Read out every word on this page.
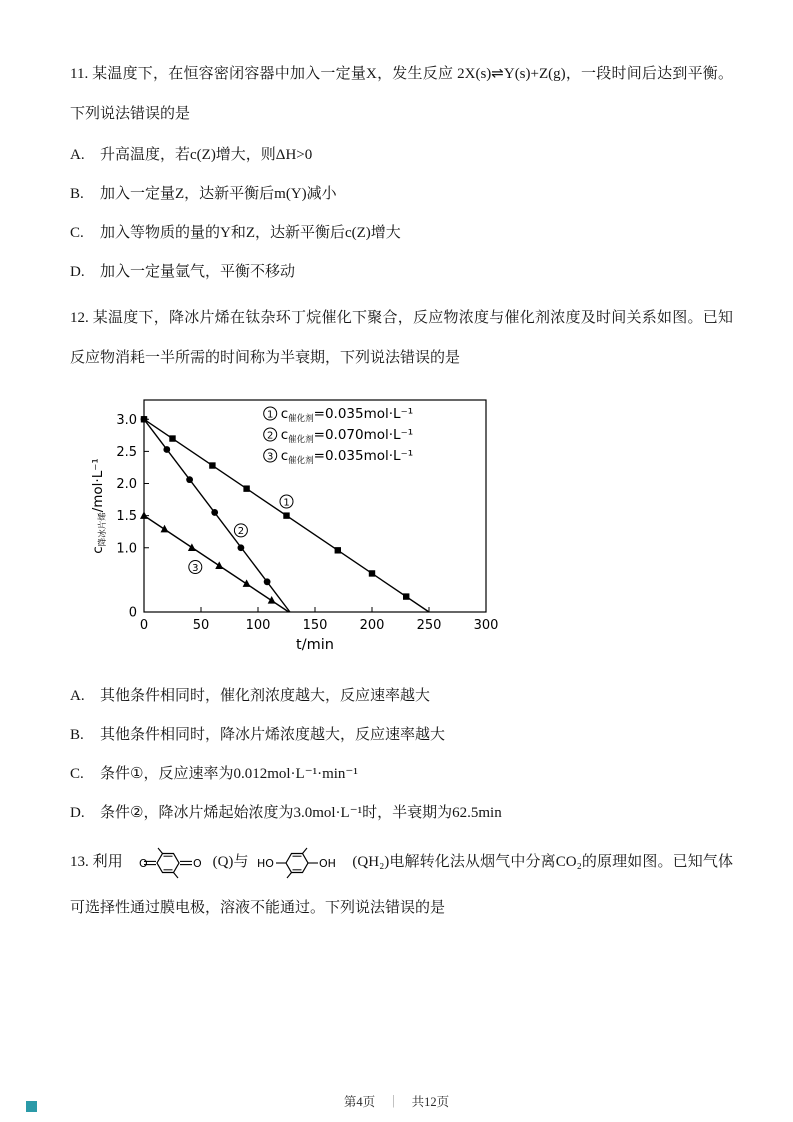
11. 某温度下，在恒容密闭容器中加入一定量X，发生反应 2X(s)⇌Y(s)+Z(g)，一段时间后达到平衡。下列说法错误的是

A. 升高温度，若c(Z)增大，则ΔH>0
B. 加入一定量Z，达新平衡后m(Y)减小
C. 加入等物质的量的Y和Z，达新平衡后c(Z)增大
D. 加入一定量氩气，平衡不移动

12. 某温度下，降冰片烯在钛杂环丁烷催化下聚合，反应物浓度与催化剂浓度及时间关系如图。已知反应物消耗一半所需的时间称为半衰期，下列说法错误的是

3.0
2.5
2.0
1.5
1.0
0
0	50	100 150 200 250 300
1
2
3
1 $c_{催化剂}=0.035mol\cdot L^{-1}$
2 $c_{催化剂}=0.070mol\cdot L^{-1}$
3 $c_{催化剂}=0.035mol\cdot L^{-1}$
$c_{降冰片烯}/mol\cdot L^{-1}$
t/min
A. 其他条件相同时，催化剂浓度越大，反应速率越大
B. 其他条件相同时，降冰片烯浓度越大，反应速率越大
C. 条件①，反应速率为0.012mol·L⁻¹·min⁻¹
D. 条件②，降冰片烯起始浓度为3.0mol·L⁻¹时，半衰期为62.5min

13. 利用 O	O (Q)与 HO	OH (QH₂)电解转化法从烟气中分离CO₂的原理如图。已知气体可选择性通过膜电极，溶液不能通过。下列说法错误的是

第4页 ｜ 共12页
